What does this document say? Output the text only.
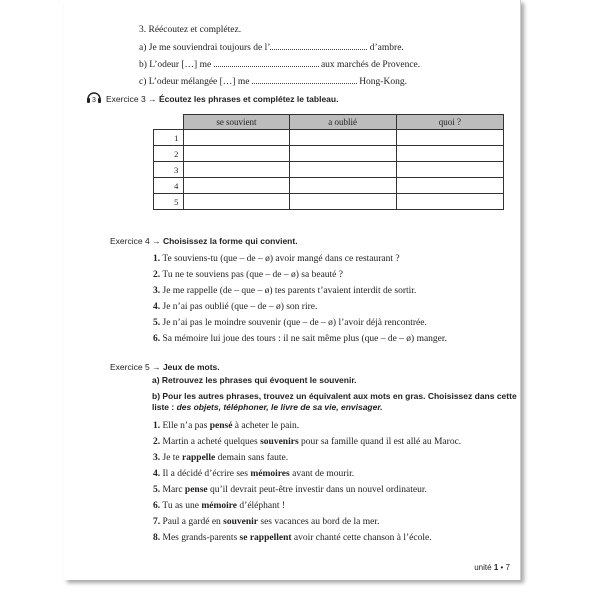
3. Réécoutez et complétez.
a) Je me souviendrai toujours de l’	d’ambre.
b) L’odeur […] me	aux marchés de Provence.
c) L’odeur mélangée […] me	Hong-Kong.
3 Exercice 3 → Écoutez les phrases et complétez le tableau.
	se souvient	a oublié	quoi ?
1			
2			
3			
4			
5			
Exercice 4 → Choisissez la forme qui convient.
1. Te souviens-tu (que – de – ø) avoir mangé dans ce restaurant ?
2. Tu ne te souviens pas (que – de – ø) sa beauté ?
3. Je me rappelle (de – que – ø) tes parents t’avaient interdit de sortir.
4. Je n’ai pas oublié (que – de – ø) son rire.
5. Je n’ai pas le moindre souvenir (que – de – ø) l’avoir déjà rencontrée.
6. Sa mémoire lui joue des tours : il ne sait même plus (que – de – ø) manger.
Exercice 5 → Jeux de mots.
a) Retrouvez les phrases qui évoquent le souvenir.
b) Pour les autres phrases, trouvez un équivalent aux mots en gras. Choisissez dans cette
liste : des objets, téléphoner, le livre de sa vie, envisager.
1. Elle n’a pas pensé à acheter le pain.
2. Martin a acheté quelques souvenirs pour sa famille quand il est allé au Maroc.
3. Je te rappelle demain sans faute.
4. Il a décidé d’écrire ses mémoires avant de mourir.
5. Marc pense qu’il devrait peut-être investir dans un nouvel ordinateur.
6. Tu as une mémoire d’éléphant !
7. Paul a gardé en souvenir ses vacances au bord de la mer.
8. Mes grands-parents se rappellent avoir chanté cette chanson à l’école.
unité 1 • 7
